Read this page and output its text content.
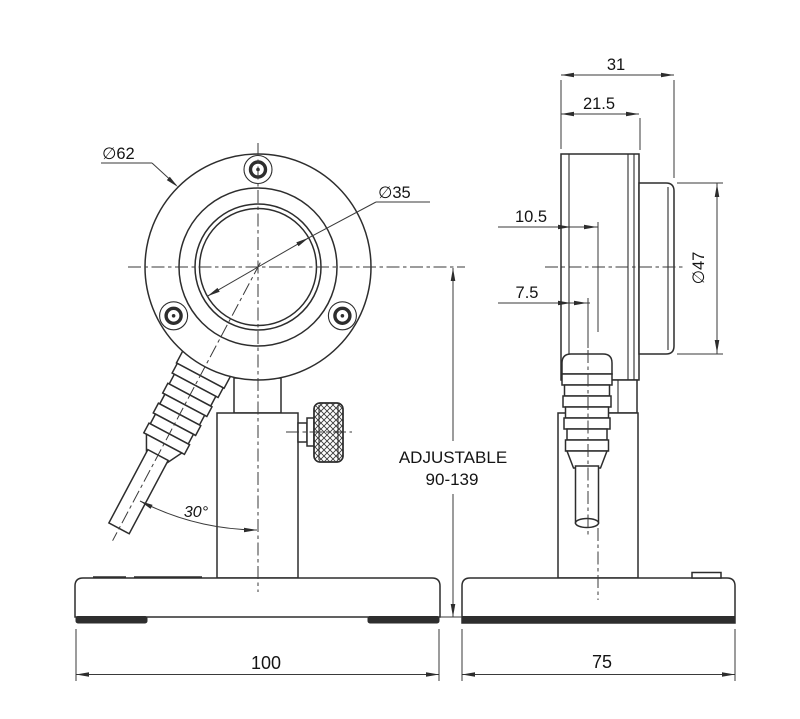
∅62
∅35
30°
ADJUSTABLE
90-139
100
31
21.5
10.5
7.5
∅47
75
